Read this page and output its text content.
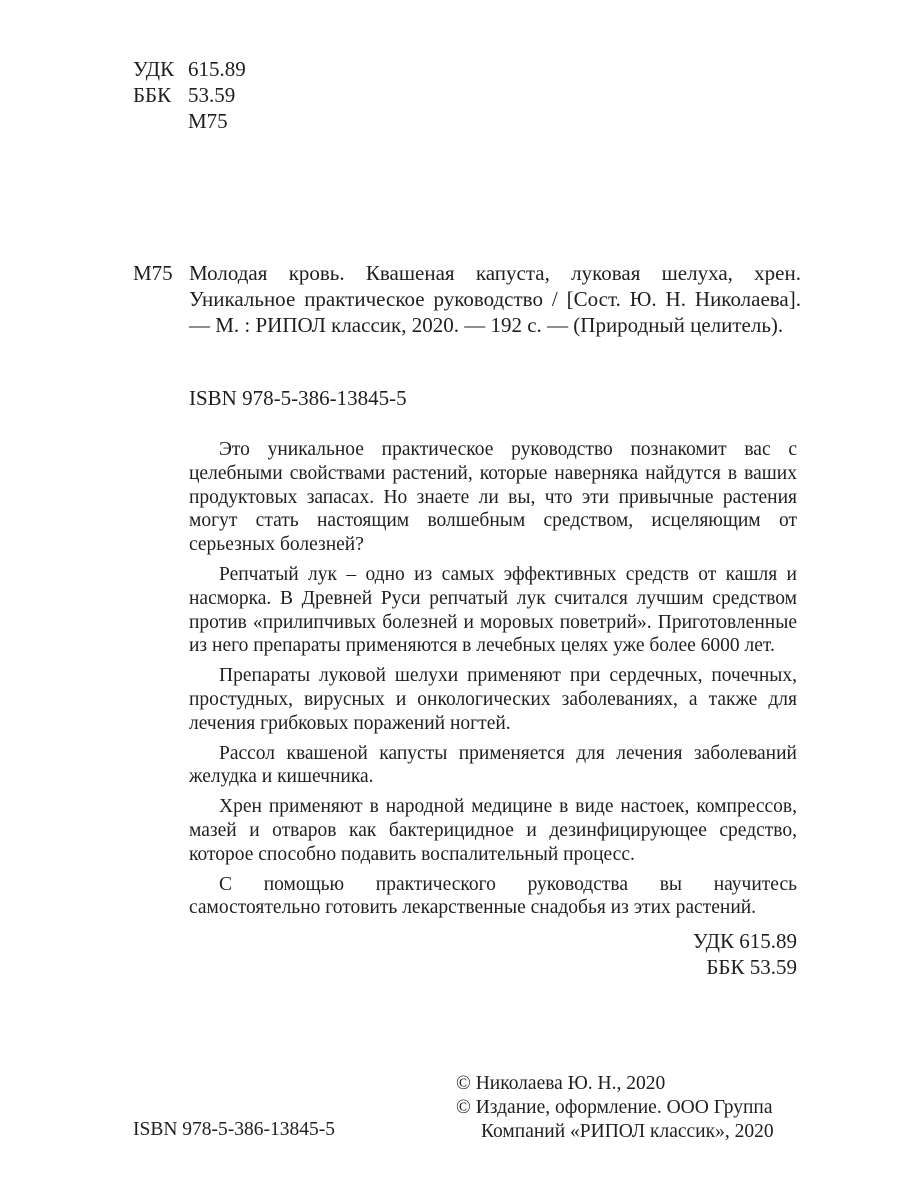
УДК 615.89
ББК 53.59
М75
М75 Молодая кровь. Квашеная капуста, луковая шелуха, хрен. Уникальное практическое руководство / [Сост. Ю. Н. Николаева]. — М. : РИПОЛ классик, 2020. — 192 с. — (Природный целитель).
ISBN 978-5-386-13845-5

Это уникальное практическое руководство познакомит вас с целебными свойствами растений, которые наверняка найдутся в ваших продуктовых запасах. Но знаете ли вы, что эти привычные растения могут стать настоящим волшебным средством, исцеляющим от серьезных болезней?

Репчатый лук – одно из самых эффективных средств от кашля и насморка. В Древней Руси репчатый лук считался лучшим средством против «прилипчивых болезней и моровых поветрий». Приготовленные из него препараты применяются в лечебных целях уже более 6000 лет.

Препараты луковой шелухи применяют при сердечных, почечных, простудных, вирусных и онкологических заболеваниях, а также для лечения грибковых поражений ногтей.

Рассол квашеной капусты применяется для лечения заболеваний желудка и кишечника.

Хрен применяют в народной медицине в виде настоек, компрессов, мазей и отваров как бактерицидное и дезинфицирующее средство, которое способно подавить воспалительный процесс.

С помощью практического руководства вы научитесь самостоятельно готовить лекарственные снадобья из этих растений.

УДК 615.89
ББК 53.59
ISBN 978-5-386-13845-5
© Николаева Ю. Н., 2020
© Издание, оформление. ООО Группа
Компаний «РИПОЛ классик», 2020
